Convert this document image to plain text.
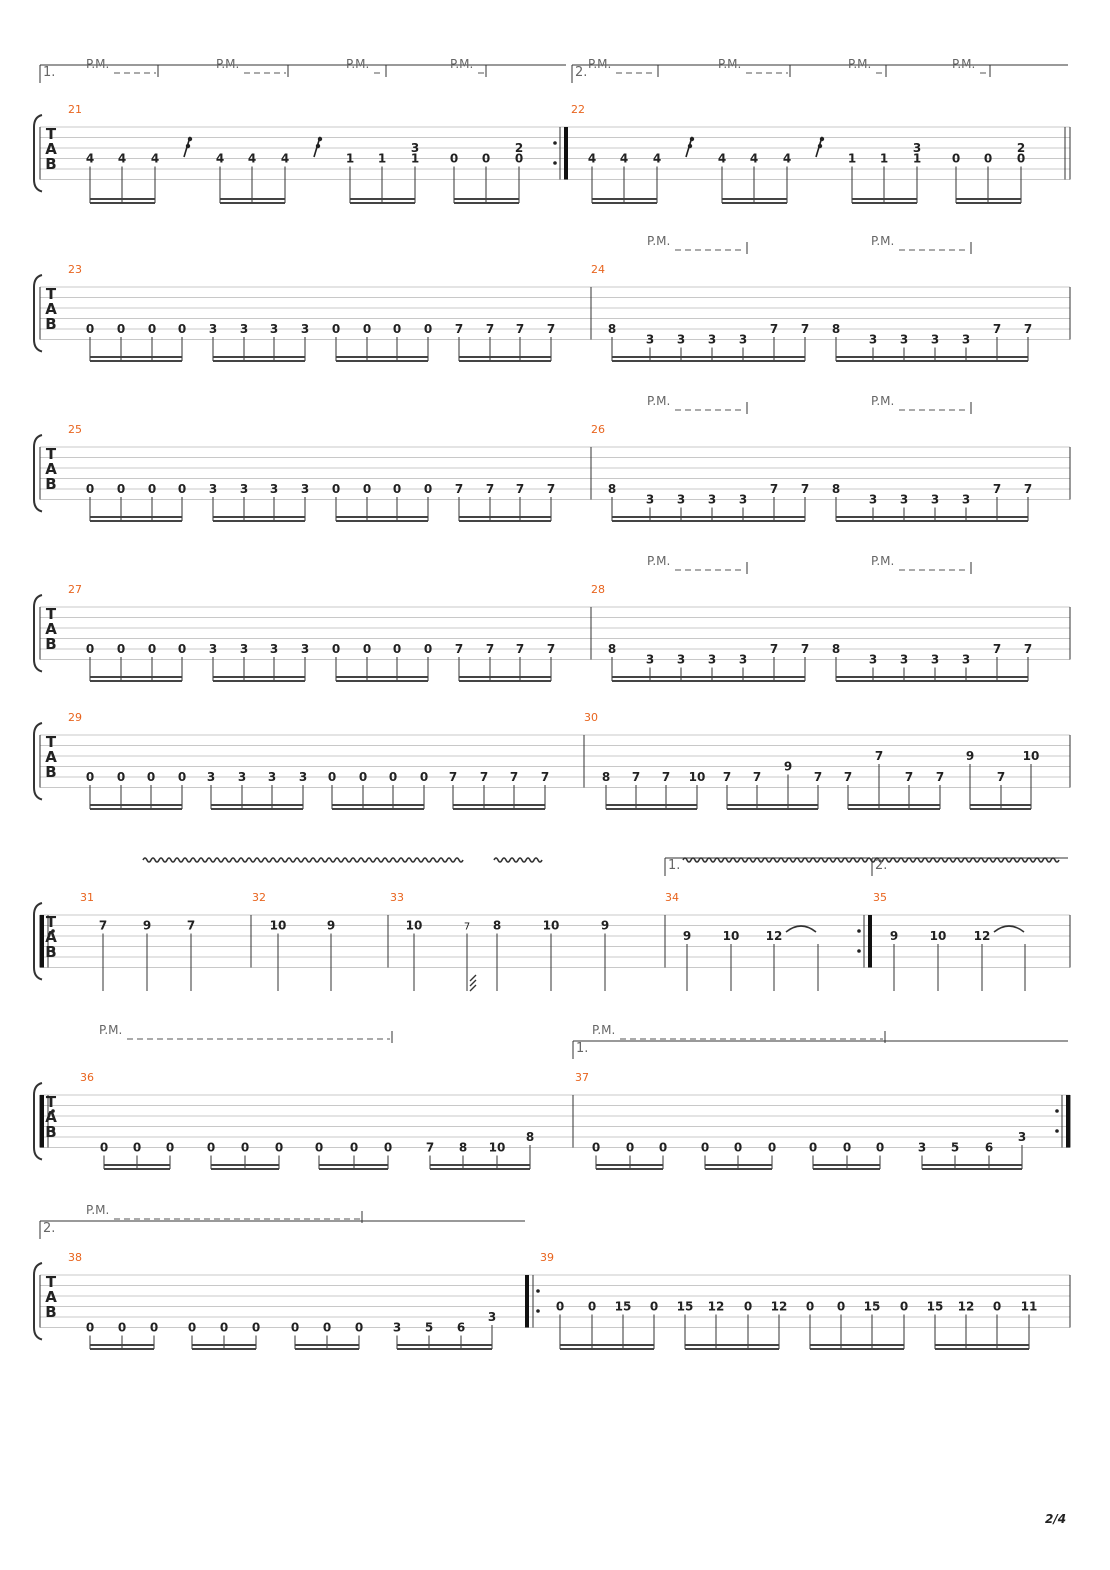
T
A
B
T
A
B
T
A
B
T
A
B
T
A
B
T
A
B
T
A
B
T
A
B
P.M.	P.M.	P.M.	P.M.	P.M.	P.M.	P.M.	P.M.
1.	2.
21
4 4 4	4 4 4	1 1 1
3
0 0 0
2
22
4 4 4	4 4 4	1 1 1
3
0 0 0
2
P.M.	P.M.
23
0 0 0 0 3 3 3 3 0 0 0 0 7 7 7 7
24
8
3 3 3 3
7 7 8
3 3 3 3
7 7
P.M.	P.M.
25
0 0 0 0 3 3 3 3 0 0 0 0 7 7 7 7
26
8
3 3 3 3
7 7 8
3 3 3 3
7 7
P.M.	P.M.
27
0 0 0 0 3 3 3 3 0 0 0 0 7 7 7 7
28
8
3 3 3 3
7 7 8
3 3 3 3
7 7
29
0 0 0 0 3 3 3 3 0 0 0 0 7 7 7 7
30
8 7 7 10 7 7
9
7 7
7
7 7
9
7
10
1.	2.
31
7	9	7
32
10	9
33
10	7 8	10	9
34
9	10 12
35
9	10 12
P.M.	P.M.
1.
36
0 0 0	0 0 0	0 0 0	7 8 10
8
37
0 0 0	0 0 0	0 0 0	3 5 6
3
P.M.
2.
38
0 0 0 0 0 0	0 0 0 3 5 6
3
39
0 0 15 0 15 12 0 12 0 0 15 0 15 12 0 11
2/4
